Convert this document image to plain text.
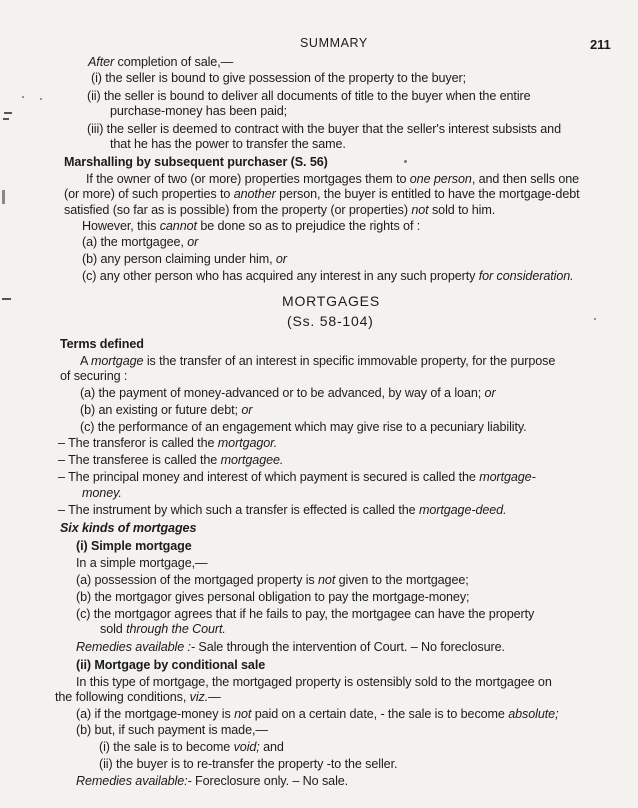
SUMMARY	211
After completion of sale,—
(i) the seller is bound to give possession of the property to the buyer;
(ii) the seller is bound to deliver all documents of title to the buyer when the entire
purchase-money has been paid;
(iii) the seller is deemed to contract with the buyer that the seller's interest subsists and
that he has the power to transfer the same.
Marshalling by subsequent purchaser (S. 56)
If the owner of two (or more) properties mortgages them to one person, and then sells one
(or more) of such properties to another person, the buyer is entitled to have the mortgage-debt
satisfied (so far as is possible) from the property (or properties) not sold to him.
However, this cannot be done so as to prejudice the rights of :
(a) the mortgagee, or
(b) any person claiming under him, or
(c) any other person who has acquired any interest in any such property for consideration.
MORTGAGES
(Ss. 58-104)
Terms defined
A mortgage is the transfer of an interest in specific immovable property, for the purpose
of securing :
(a) the payment of money-advanced or to be advanced, by way of a loan; or
(b) an existing or future debt; or
(c) the performance of an engagement which may give rise to a pecuniary liability.
– The transferor is called the mortgagor.
– The transferee is called the mortgagee.
– The principal money and interest of which payment is secured is called the mortgage-
money.
– The instrument by which such a transfer is effected is called the mortgage-deed.
Six kinds of mortgages
(i) Simple mortgage
In a simple mortgage,—
(a) possession of the mortgaged property is not given to the mortgagee;
(b) the mortgagor gives personal obligation to pay the mortgage-money;
(c) the mortgagor agrees that if he fails to pay, the mortgagee can have the property
sold through the Court.
Remedies available :- Sale through the intervention of Court. – No foreclosure.
(ii) Mortgage by conditional sale
In this type of mortgage, the mortgaged property is ostensibly sold to the mortgagee on
the following conditions, viz.—
(a) if the mortgage-money is not paid on a certain date, - the sale is to become absolute;
(b) but, if such payment is made,—
(i) the sale is to become void; and
(ii) the buyer is to re-transfer the property -to the seller.
Remedies available:- Foreclosure only. – No sale.
